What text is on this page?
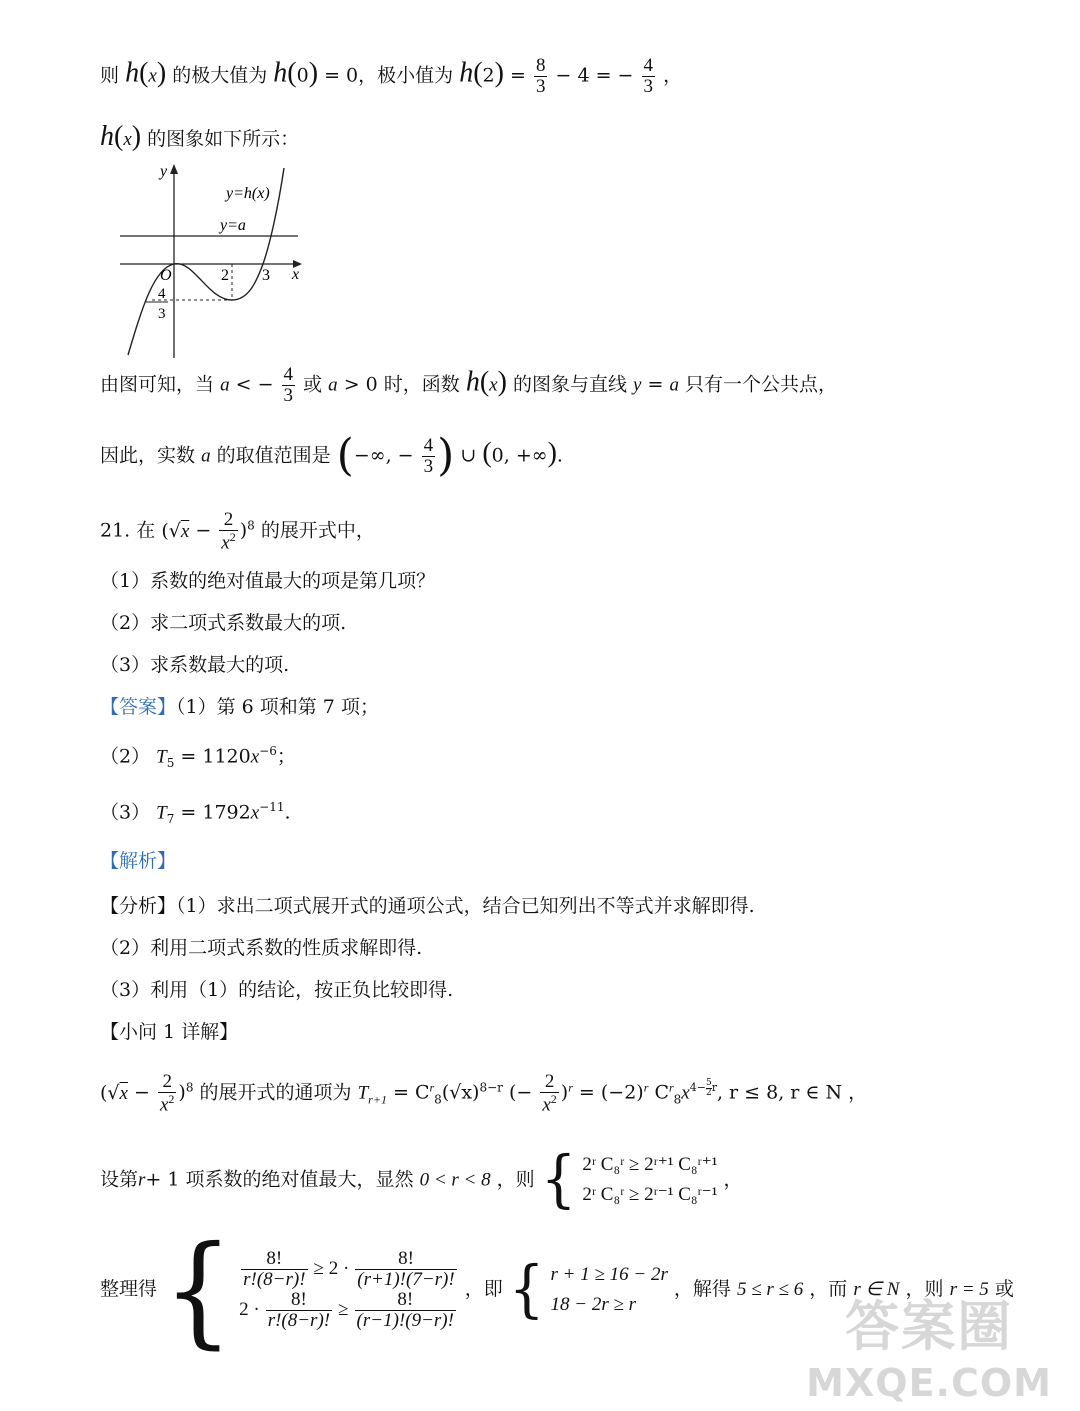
则 h(x) 的极大值为 h(0) = 0，极小值为 $h(2) = \frac{8}{3} - 4$ = − $\frac{4}{3}$ ，
h(x) 的图象如下所示：
y
x
y=h(x)
y=a
O	2 3
4
3
由图可知，当 a < − $\frac{4}{3}$ 或 a > 0 时，函数 h(x) 的图象与直线 y = a 只有一个公共点，
因此，实数 a 的取值范围是 (−∞, − $\frac{4}{3}$ ) ∪ (0, +∞).
21. 在 $(√x - \frac{2}{x^2} )^8$ 的展开式中，
（1）系数的绝对值最大的项是第几项？
（2）求二项式系数最大的项.
（3）求系数最大的项.
【答案】（1）第 6 项和第 7 项；
（2） $T_5 = 1120x^{-6}$；
（3） $T_7 = 1792x^{-11}$.
【解析】
【分析】（1）求出二项式展开式的通项公式，结合已知列出不等式并求解即得.
（2）利用二项式系数的性质求解即得.
（3）利用（1）的结论，按正负比较即得.
【小问 1 详解】
$(√x - \frac{2}{x^2} )^8$ 的展开式的通项为 $T_{r+1} = C^r_8(√x)^{8-r}$ (− $\frac{2}{x^2} )^r = (-2)^r$ $C^r_8x^{4- \frac{5}{2} r}$, r ≤ 8, r ∈ N ，
设第r+ 1 项系数的绝对值最大，显然 0 < r < 8 ，则 { 2ʳ C₈ʳ ≥ 2ʳ⁺¹ C₈ʳ⁺¹
2ʳ C₈ʳ ≥ 2ʳ⁻¹ C₈ʳ⁻¹
，
整理得 { $\frac{8!}{r!(8-r)!} \ge 2 \cdot \frac{8!}{(r+1)!(7-r)!}$
$2 \cdot \frac{8!}{r!(8-r)!} \ge \frac{8!}{(r-1)!(9-r)!}$
，即 { r + 1 ≥ 16 − 2r
18 − 2r ≥ r
，解得 5 ≤ r ≤ 6 ，而 r ∈ N ，则 r = 5 或
答案圈
MXQE.COM
